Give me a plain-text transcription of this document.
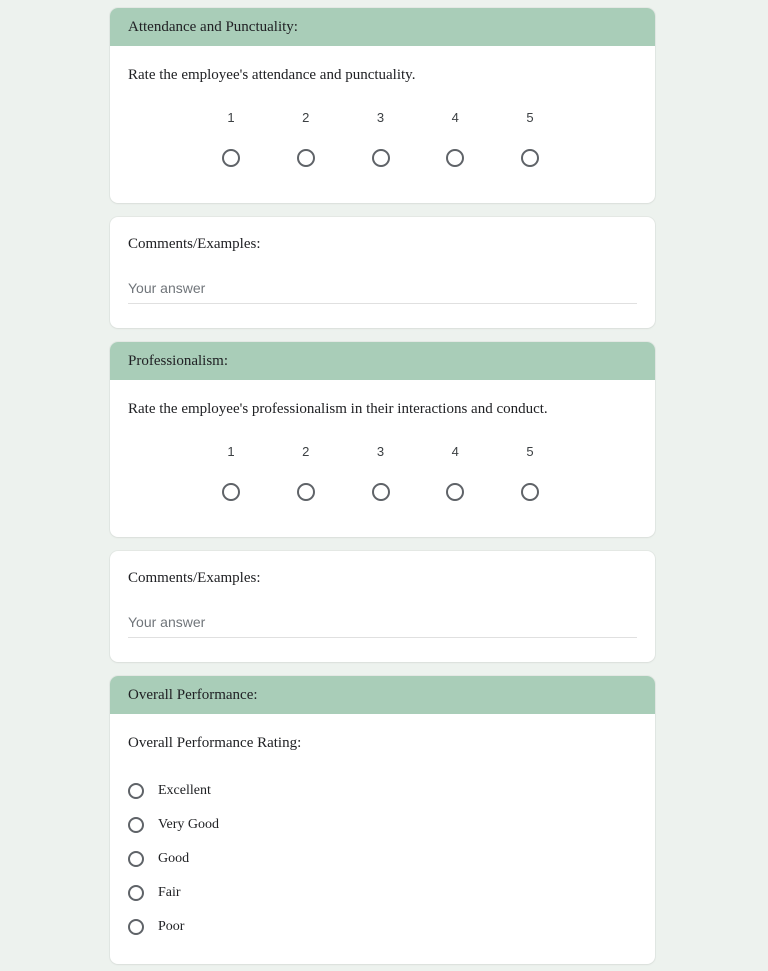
Attendance and Punctuality:
Rate the employee's attendance and punctuality.
1	2	3	4	5
Comments/Examples:
Your answer
Professionalism:
Rate the employee's professionalism in their interactions and conduct.
1	2	3	4	5
Comments/Examples:
Your answer
Overall Performance:
Overall Performance Rating:
Excellent
Very Good
Good
Fair
Poor
